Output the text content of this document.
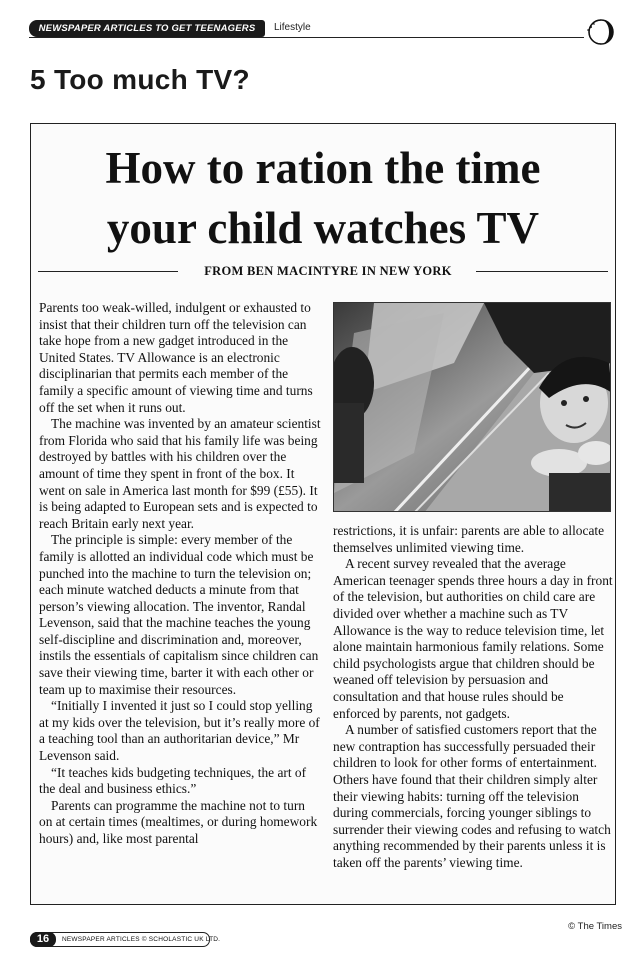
NEWSPAPER ARTICLES TO GET TEENAGERS TALKING
Lifestyle
5 Too much TV?
How to ration the time
your child watches TV
FROM BEN MACINTYRE IN NEW YORK

Parents too weak-willed, indulgent or exhausted to insist that their children turn off the television can take hope from a new gadget introduced in the United States. TV Allowance is an electronic disciplinarian that permits each member of the family a specific amount of viewing time and turns off the set when it runs out.

The machine was invented by an amateur scientist from Florida who said that his family life was being destroyed by battles with his children over the amount of time they spent in front of the box. It went on sale in America last month for $99 (£55). It is being adapted to European sets and is expected to reach Britain early next year.

The principle is simple: every member of the family is allotted an individual code which must be punched into the machine to turn the television on; each minute watched deducts a minute from that person’s viewing allocation. The inventor, Randal Levenson, said that the machine teaches the young self-discipline and discrimination and, moreover, instils the essentials of capitalism since children can save their viewing time, barter it with each other or team up to maximise their resources.

“Initially I invented it just so I could stop yelling at my kids over the television, but it’s really more of a teaching tool than an authoritarian device,” Mr Levenson said.

“It teaches kids budgeting techniques, the art of the deal and business ethics.”

Parents can programme the machine not to turn on at certain times (mealtimes, or during homework hours) and, like most parental

restrictions, it is unfair: parents are able to allocate themselves unlimited viewing time.

A recent survey revealed that the average American teenager spends three hours a day in front of the television, but authorities on child care are divided over whether a machine such as TV Allowance is the way to reduce television time, let alone maintain harmonious family relations. Some child psychologists argue that children should be weaned off television by persuasion and consultation and that house rules should be enforced by parents, not gadgets.

A number of satisfied customers report that the new contraption has successfully persuaded their children to look for other forms of entertainment. Others have found that their children simply alter their viewing habits: turning off the television during commercials, forcing younger siblings to surrender their viewing codes and refusing to watch anything recommended by their parents unless it is taken off the parents’ viewing time.

© The Times
16	NEWSPAPER ARTICLES © SCHOLASTIC UK LTD.
